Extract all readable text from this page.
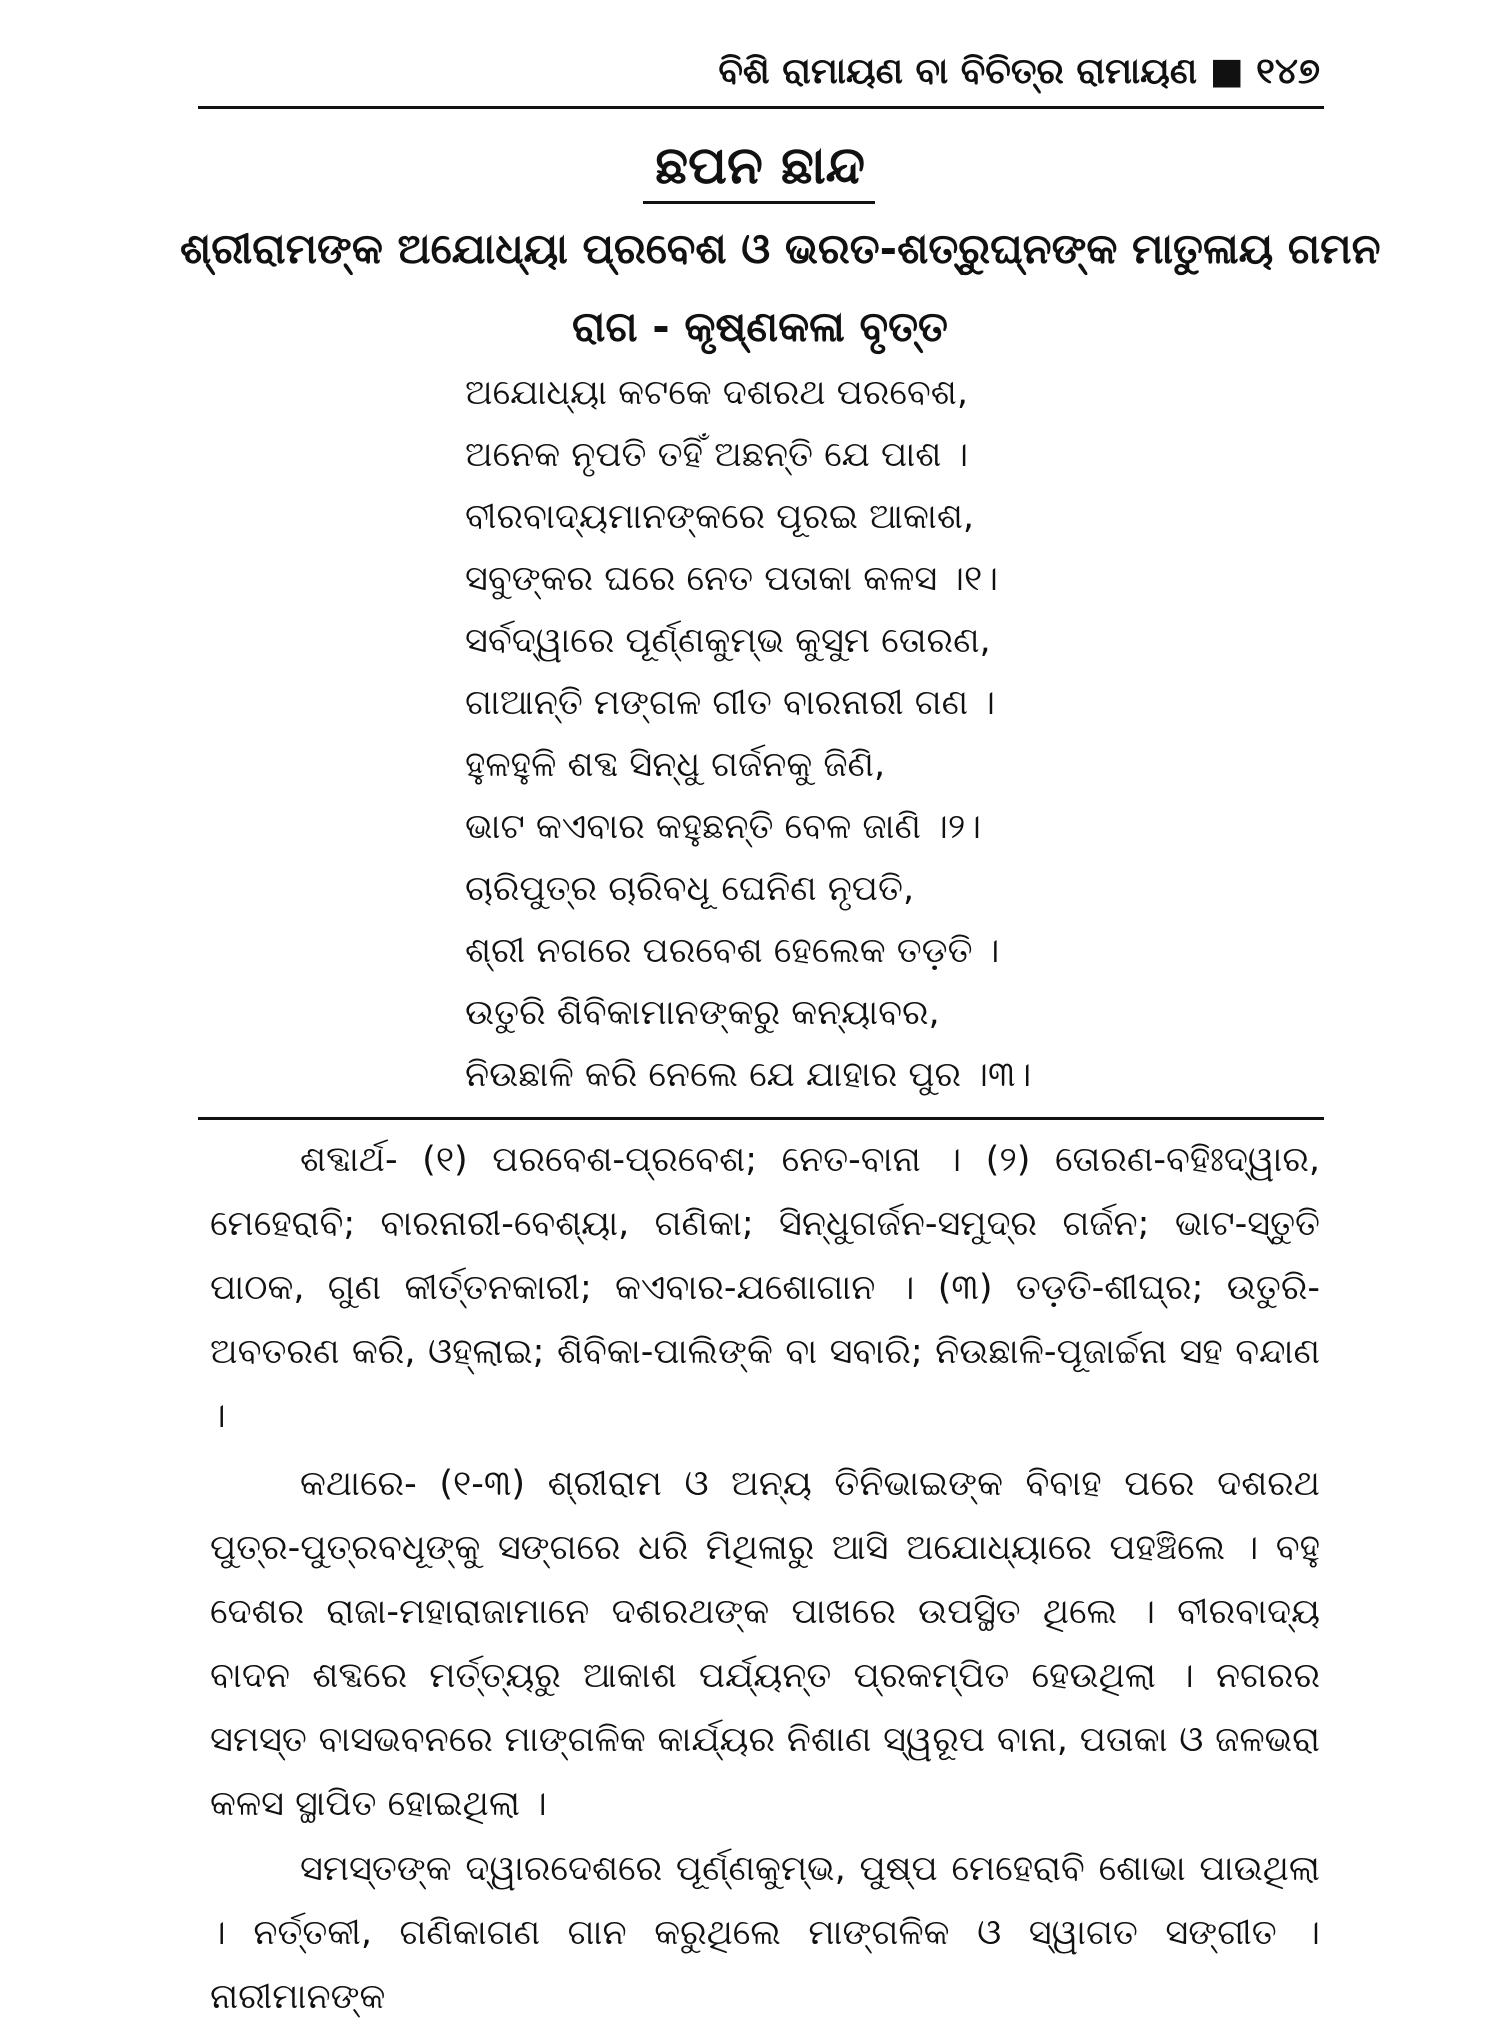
ବିଶି ରାମାୟଣ ବା ବିଚିତ୍ର ରାମାୟଣ ■ ୧୪୭
ଛପନ ଛାନ୍ଦ
ଶ୍ରୀରାମଙ୍କ ଅଯୋଧ୍ୟା ପ୍ରବେଶ ଓ ଭରତ-ଶତ୍ରୁଘ୍ନଙ୍କ ମାତୁଳାୟ ଗମନ
ରାଗ - କୃଷ୍ଣକଳା ବୃତ୍ତ
ଅଯୋଧ୍ୟା କଟକେ ଦଶରଥ ପରବେଶ,
ଅନେକ ନୃପତି ତହିଁ ଅଛନ୍ତି ଯେ ପାଶ ।
ବୀରବାଦ୍ୟମାନଙ୍କରେ ପୂରଇ ଆକାଶ,
ସବୁଙ୍କର ଘରେ ନେତ ପତାକା କଳସ ।୧।
ସର୍ବଦ୍ୱାରେ ପୂର୍ଣ୍ଣକୁମ୍ଭ କୁସୁମ ତୋରଣ,
ଗାଆନ୍ତି ମଙ୍ଗଳ ଗୀତ ବାରନାରୀ ଗଣ ।
ହୁଳହୁଳି ଶବ୍ଦ ସିନ୍ଧୁ ଗର୍ଜନକୁ ଜିଣି,
ଭାଟ କଏବାର କହୁଛନ୍ତି ବେଳ ଜାଣି ।୨।
ଚାରିପୁତ୍ର ଚାରିବଧୂ ଘେନିଣ ନୃପତି,
ଶ୍ରୀ ନଗରେ ପରବେଶ ହେଲେକ ତଡ଼ତି ।
ଉତୁରି ଶିବିକାମାନଙ୍କରୁ କନ୍ୟାବର,
ନିଉଛାଳି କରି ନେଲେ ଯେ ଯାହାର ପୁର ।୩।

ଶବ୍ଦାର୍ଥ- (୧) ପରବେଶ-ପ୍ରବେଶ; ନେତ-ବାନା । (୨) ତୋରଣ-ବହିଃଦ୍ୱାର, ମେହେରାବି; ବାରନାରୀ-ବେଶ୍ୟା, ଗଣିକା; ସିନ୍ଧୁଗର୍ଜନ-ସମୁଦ୍ର ଗର୍ଜନ; ଭାଟ-ସ୍ତୁତି ପାଠକ, ଗୁଣ କୀର୍ତ୍ତନକାରୀ; କଏବାର-ଯଶୋଗାନ । (୩) ତଡ଼ତି-ଶୀଘ୍ର; ଉତୁରି-ଅବତରଣ କରି, ଓହ୍ଲାଇ; ଶିବିକା-ପାଲିଙ୍କି ବା ସବାରି; ନିଉଛାଳି-ପୂଜାର୍ଚ୍ଚନା ସହ ବନ୍ଦାଣ ।

କଥାରେ- (୧-୩) ଶ୍ରୀରାମ ଓ ଅନ୍ୟ ତିନିଭାଇଙ୍କ ବିବାହ ପରେ ଦଶରଥ ପୁତ୍ର-ପୁତ୍ରବଧୂଙ୍କୁ ସଙ୍ଗରେ ଧରି ମିଥିଳାରୁ ଆସି ଅଯୋଧ୍ୟାରେ ପହଞ୍ଚିଲେ । ବହୁ ଦେଶର ରାଜା-ମହାରାଜାମାନେ ଦଶରଥଙ୍କ ପାଖରେ ଉପସ୍ଥିତ ଥିଲେ । ବୀରବାଦ୍ୟ ବାଦନ ଶବ୍ଦରେ ମର୍ତ୍ତ୍ୟରୁ ଆକାଶ ପର୍ଯ୍ୟନ୍ତ ପ୍ରକମ୍ପିତ ହେଉଥିଲା । ନଗରର ସମସ୍ତ ବାସଭବନରେ ମାଙ୍ଗଳିକ କାର୍ଯ୍ୟର ନିଶାଣ ସ୍ୱରୂପ ବାନା, ପତାକା ଓ ଜଳଭରା କଳସ ସ୍ଥାପିତ ହୋଇଥିଲା ।

ସମସ୍ତଙ୍କ ଦ୍ୱାରଦେଶରେ ପୂର୍ଣ୍ଣକୁମ୍ଭ, ପୁଷ୍ପ ମେହେରାବି ଶୋଭା ପାଉଥିଲା । ନର୍ତ୍ତକୀ, ଗଣିକାଗଣ ଗାନ କରୁଥିଲେ ମାଙ୍ଗଳିକ ଓ ସ୍ୱାଗତ ସଙ୍ଗୀତ । ନାରୀମାନଙ୍କ
